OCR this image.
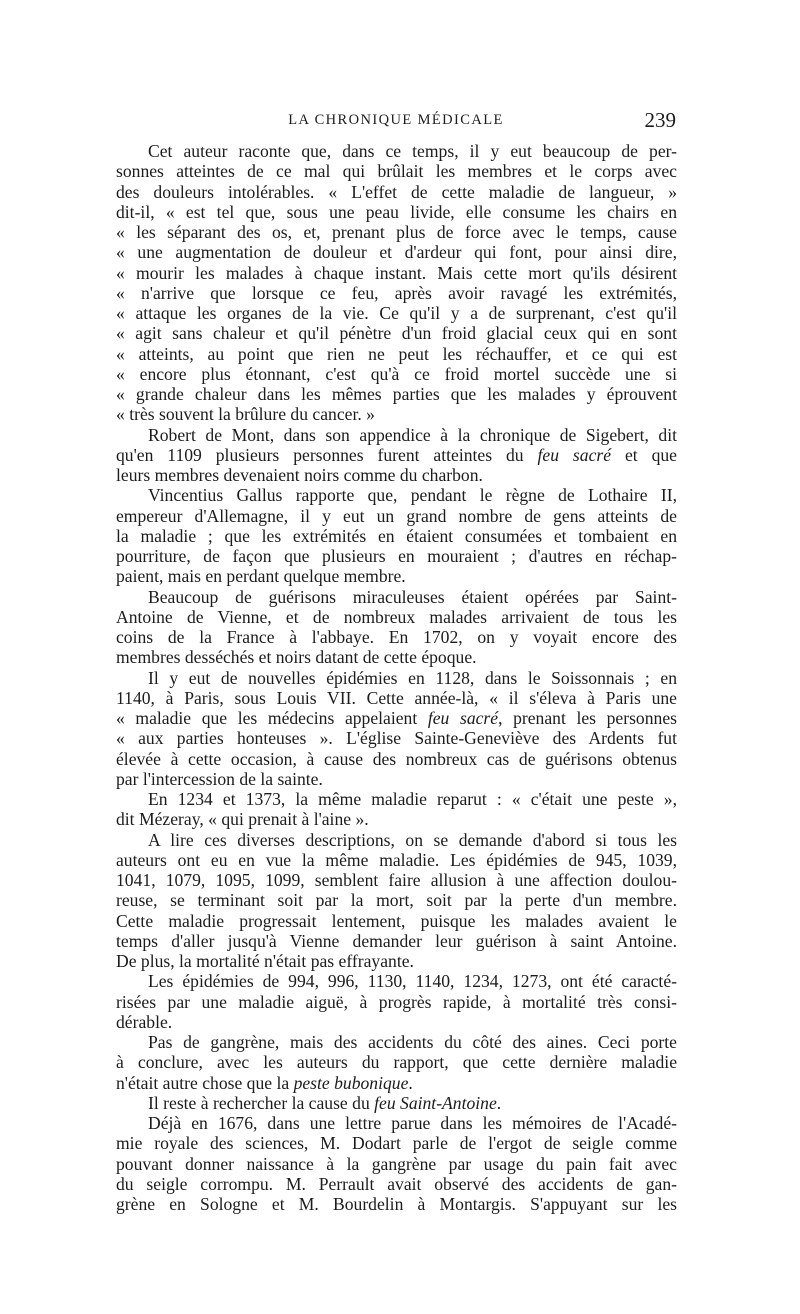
LA CHRONIQUE MÉDICALE	239
Cet auteur raconte que, dans ce temps, il y eut beaucoup de per-
sonnes atteintes de ce mal qui brûlait les membres et le corps avec
des douleurs intolérables. « L'effet de cette maladie de langueur, »
dit-il, « est tel que, sous une peau livide, elle consume les chairs en
« les séparant des os, et, prenant plus de force avec le temps, cause
« une augmentation de douleur et d'ardeur qui font, pour ainsi dire,
« mourir les malades à chaque instant. Mais cette mort qu'ils désirent
« n'arrive que lorsque ce feu, après avoir ravagé les extrémités,
« attaque les organes de la vie. Ce qu'il y a de surprenant, c'est qu'il
« agit sans chaleur et qu'il pénètre d'un froid glacial ceux qui en sont
« atteints, au point que rien ne peut les réchauffer, et ce qui est
« encore plus étonnant, c'est qu'à ce froid mortel succède une si
« grande chaleur dans les mêmes parties que les malades y éprouvent
« très souvent la brûlure du cancer. »
Robert de Mont, dans son appendice à la chronique de Sigebert, dit
qu'en 1109 plusieurs personnes furent atteintes du feu sacré et que
leurs membres devenaient noirs comme du charbon.
Vincentius Gallus rapporte que, pendant le règne de Lothaire II,
empereur d'Allemagne, il y eut un grand nombre de gens atteints de
la maladie ; que les extrémités en étaient consumées et tombaient en
pourriture, de façon que plusieurs en mouraient ; d'autres en réchap-
paient, mais en perdant quelque membre.
Beaucoup de guérisons miraculeuses étaient opérées par Saint-
Antoine de Vienne, et de nombreux malades arrivaient de tous les
coins de la France à l'abbaye. En 1702, on y voyait encore des
membres desséchés et noirs datant de cette époque.
Il y eut de nouvelles épidémies en 1128, dans le Soissonnais ; en
1140, à Paris, sous Louis VII. Cette année-là, « il s'éleva à Paris une
« maladie que les médecins appelaient feu sacré, prenant les personnes
« aux parties honteuses ». L'église Sainte-Geneviève des Ardents fut
élevée à cette occasion, à cause des nombreux cas de guérisons obtenus
par l'intercession de la sainte.
En 1234 et 1373, la même maladie reparut : « c'était une peste »,
dit Mézeray, « qui prenait à l'aine ».
A lire ces diverses descriptions, on se demande d'abord si tous les
auteurs ont eu en vue la même maladie. Les épidémies de 945, 1039,
1041, 1079, 1095, 1099, semblent faire allusion à une affection doulou-
reuse, se terminant soit par la mort, soit par la perte d'un membre.
Cette maladie progressait lentement, puisque les malades avaient le
temps d'aller jusqu'à Vienne demander leur guérison à saint Antoine.
De plus, la mortalité n'était pas effrayante.
Les épidémies de 994, 996, 1130, 1140, 1234, 1273, ont été caracté-
risées par une maladie aiguë, à progrès rapide, à mortalité très consi-
dérable.
Pas de gangrène, mais des accidents du côté des aines. Ceci porte
à conclure, avec les auteurs du rapport, que cette dernière maladie
n'était autre chose que la peste bubonique.
Il reste à rechercher la cause du feu Saint-Antoine.
Déjà en 1676, dans une lettre parue dans les mémoires de l'Acadé-
mie royale des sciences, M. Dodart parle de l'ergot de seigle comme
pouvant donner naissance à la gangrène par usage du pain fait avec
du seigle corrompu. M. Perrault avait observé des accidents de gan-
grène en Sologne et M. Bourdelin à Montargis. S'appuyant sur les
